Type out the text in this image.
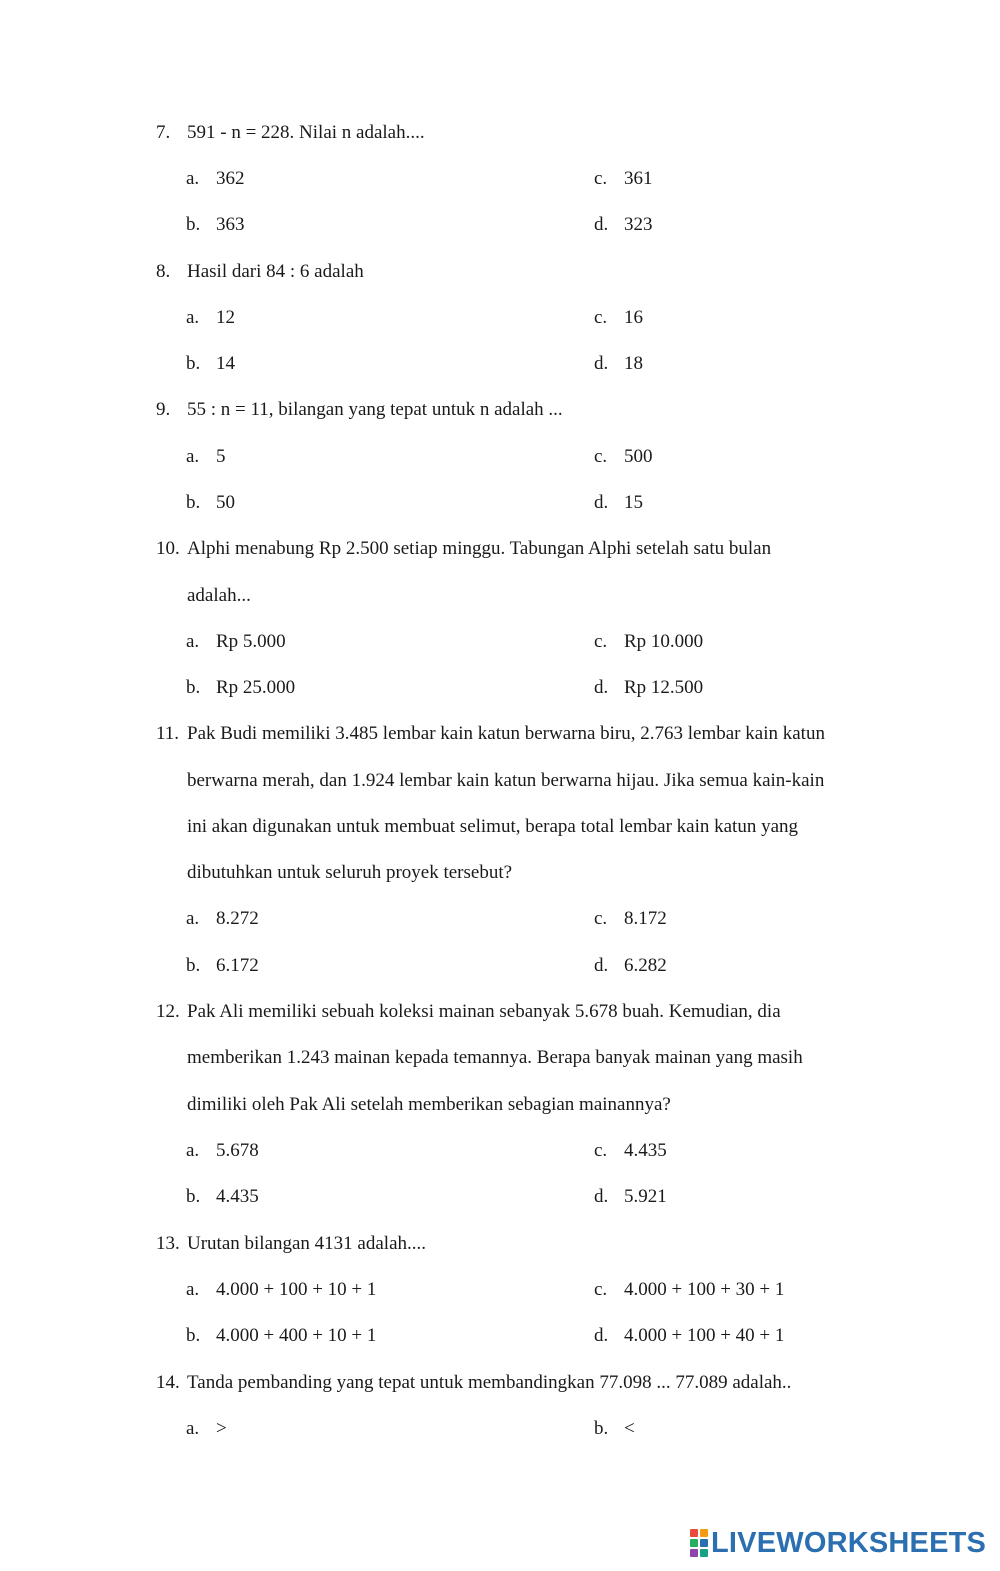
7. 591 - n = 228. Nilai n adalah....
a. 362	c. 361
b. 363	d. 323
8. Hasil dari 84 : 6 adalah
a. 12	c. 16
b. 14	d. 18
9. 55 : n = 11, bilangan yang tepat untuk n adalah ...
a. 5	c. 500
b. 50	d. 15
10. Alphi menabung Rp 2.500 setiap minggu. Tabungan Alphi setelah satu bulan
adalah...
a. Rp 5.000	c. Rp 10.000
b. Rp 25.000	d. Rp 12.500
11. Pak Budi memiliki 3.485 lembar kain katun berwarna biru, 2.763 lembar kain katun
berwarna merah, dan 1.924 lembar kain katun berwarna hijau. Jika semua kain-kain
ini akan digunakan untuk membuat selimut, berapa total lembar kain katun yang
dibutuhkan untuk seluruh proyek tersebut?
a. 8.272	c. 8.172
b. 6.172	d. 6.282
12. Pak Ali memiliki sebuah koleksi mainan sebanyak 5.678 buah. Kemudian, dia
memberikan 1.243 mainan kepada temannya. Berapa banyak mainan yang masih
dimiliki oleh Pak Ali setelah memberikan sebagian mainannya?
a. 5.678	c. 4.435
b. 4.435	d. 5.921
13. Urutan bilangan 4131 adalah....
a. 4.000 + 100 + 10 + 1	c. 4.000 + 100 + 30 + 1
b. 4.000 + 400 + 10 + 1	d. 4.000 + 100 + 40 + 1
14. Tanda pembanding yang tepat untuk membandingkan 77.098 ... 77.089 adalah..
a. >	b. <
LIVEWORKSHEETS
